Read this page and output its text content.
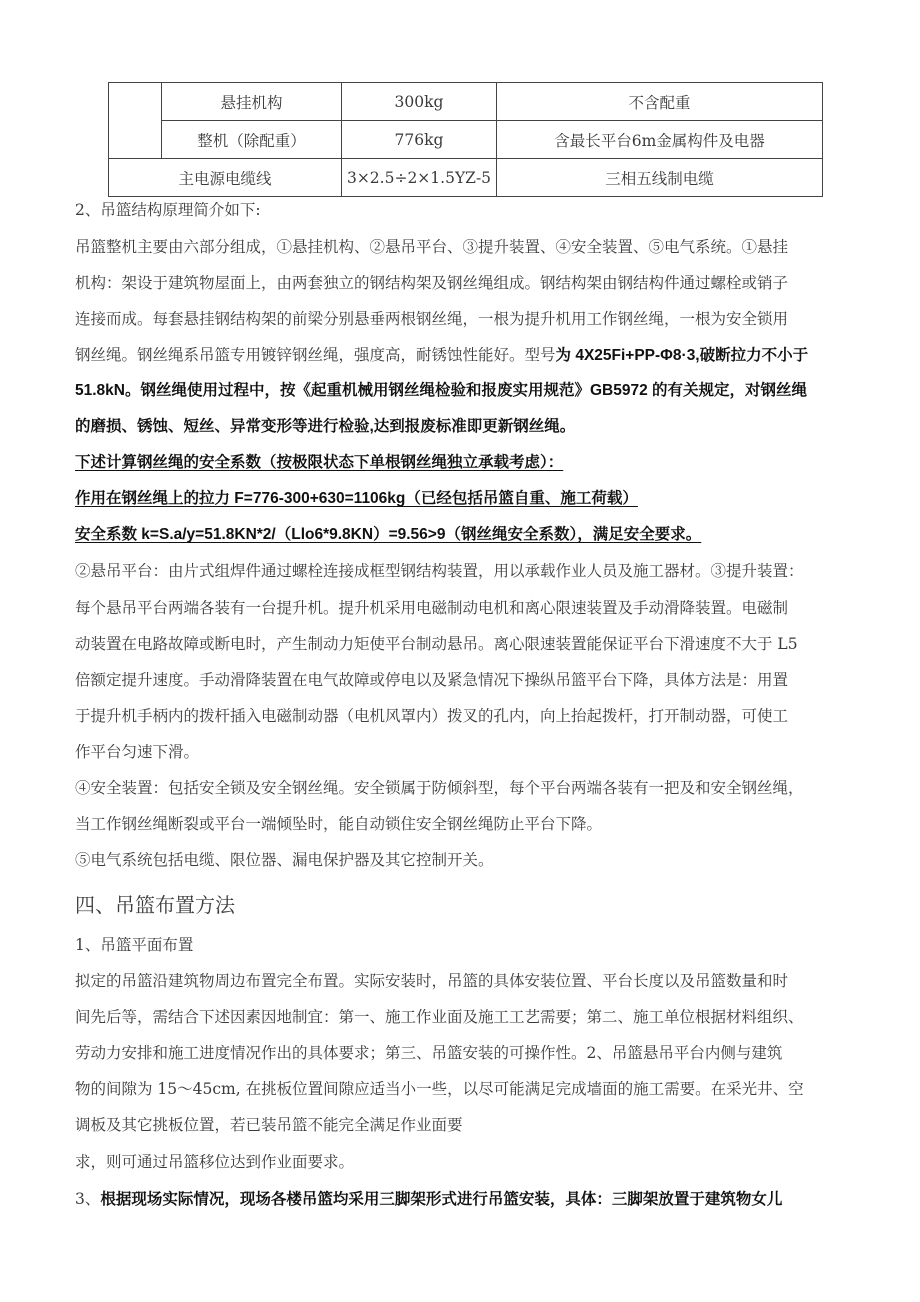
	悬挂机构	300kg	不含配重
	整机（除配重）	776kg	含最长平台6m金属构件及电器
主电源电缆线		3×2.5÷2×1.5YZ-5	三相五线制电缆
2、吊篮结构原理简介如下:
吊篮整机主要由六部分组成，①悬挂机构、②悬吊平台、③提升装置、④安全装置、⑤电气系统。①悬挂
机构：架设于建筑物屋面上，由两套独立的钢结构架及钢丝绳组成。钢结构架由钢结构件通过螺栓或销子
连接而成。每套悬挂钢结构架的前梁分别悬垂两根钢丝绳，一根为提升机用工作钢丝绳，一根为安全锁用
钢丝绳。钢丝绳系吊篮专用镀锌钢丝绳，强度高，耐锈蚀性能好。型号为 4X25Fi+PP-Φ8·3,破断拉力不小于
51.8kN。钢丝绳使用过程中，按《起重机械用钢丝绳检验和报废实用规范》GB5972 的有关规定，对钢丝绳
的磨损、锈蚀、短丝、异常变形等进行检验,达到报废标准即更新钢丝绳。
下述计算钢丝绳的安全系数（按极限状态下单根钢丝绳独立承载考虑）：
作用在钢丝绳上的拉力 F=776-300+630=1106kg（已经包括吊篮自重、施工荷载）
安全系数 k=S.a/y=51.8KN*2/（Llo6*9.8KN）=9.56>9（钢丝绳安全系数），满足安全要求。
②悬吊平台：由片式组焊件通过螺栓连接成框型钢结构装置，用以承载作业人员及施工器材。③提升装置：
每个悬吊平台两端各装有一台提升机。提升机采用电磁制动电机和离心限速装置及手动滑降装置。电磁制
动装置在电路故障或断电时，产生制动力矩使平台制动悬吊。离心限速装置能保证平台下滑速度不大于 L5
倍额定提升速度。手动滑降装置在电气故障或停电以及紧急情况下操纵吊篮平台下降，具体方法是：用置
于提升机手柄内的拨杆插入电磁制动器（电机风罩内）拨叉的孔内，向上抬起拨杆，打开制动器，可使工
作平台匀速下滑。
④安全装置：包括安全锁及安全钢丝绳。安全锁属于防倾斜型，每个平台两端各装有一把及和安全钢丝绳，
当工作钢丝绳断裂或平台一端倾坠时，能自动锁住安全钢丝绳防止平台下降。
⑤电气系统包括电缆、限位器、漏电保护器及其它控制开关。
四、吊篮布置方法
1、吊篮平面布置
拟定的吊篮沿建筑物周边布置完全布置。实际安装时，吊篮的具体安装位置、平台长度以及吊篮数量和时
间先后等，需结合下述因素因地制宜：第一、施工作业面及施工工艺需要；第二、施工单位根据材料组织、
劳动力安排和施工进度情况作出的具体要求；第三、吊篮安装的可操作性。2、吊篮悬吊平台内侧与建筑
物的间隙为 15～45cm, 在挑板位置间隙应适当小一些，以尽可能满足完成墙面的施工需要。在采光井、空
调板及其它挑板位置，若已装吊篮不能完全满足作业面要
求，则可通过吊篮移位达到作业面要求。
3、根据现场实际情况，现场各楼吊篮均采用三脚架形式进行吊篮安装，具体：三脚架放置于建筑物女儿
